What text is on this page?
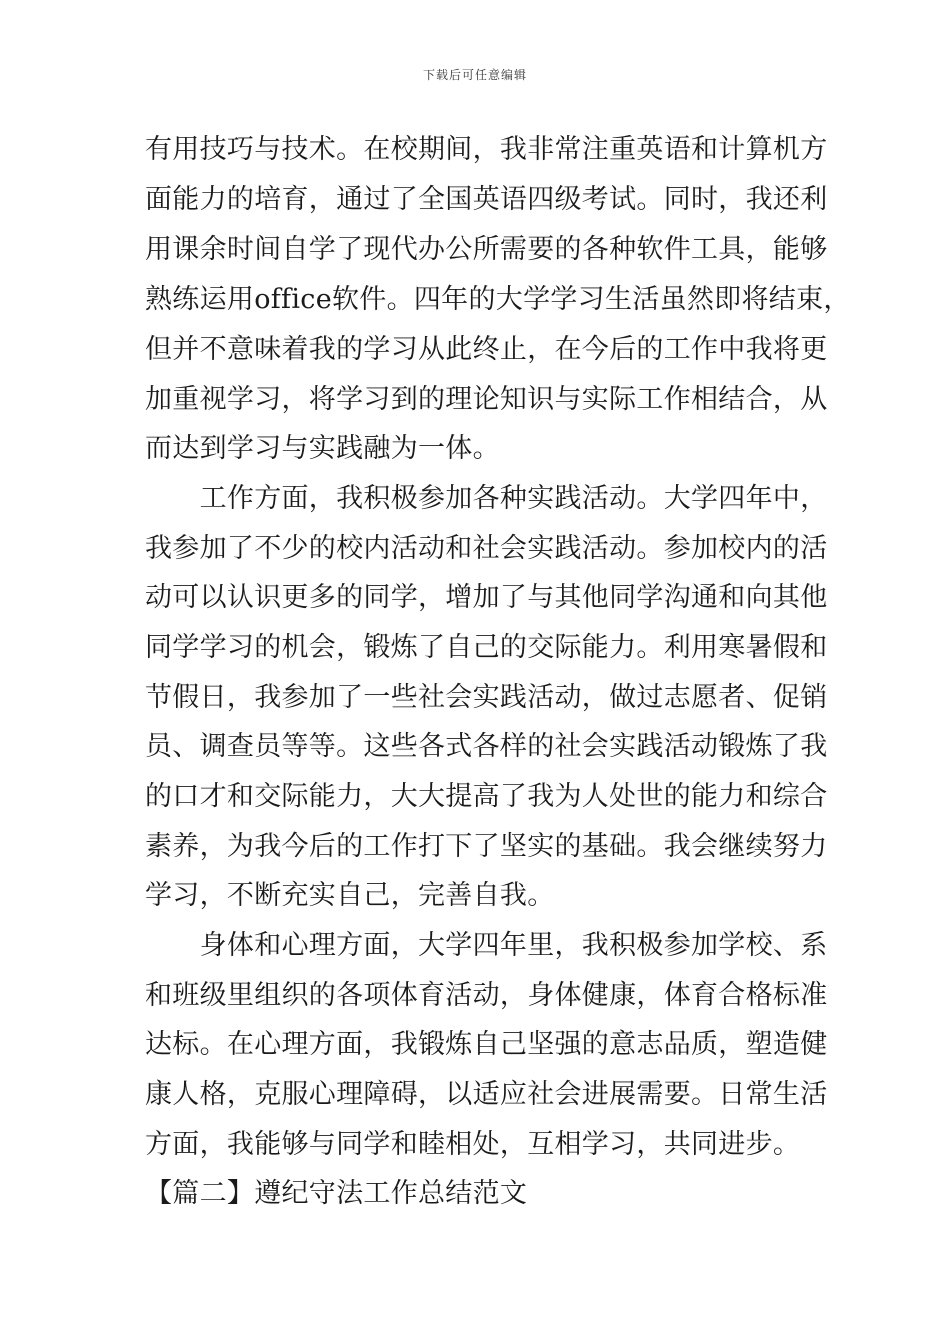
下载后可任意编辑
有用技巧与技术。在校期间，我非常注重英语和计算机方
面能力的培育，通过了全国英语四级考试。同时，我还利
用课余时间自学了现代办公所需要的各种软件工具，能够
熟练运用office软件。四年的大学学习生活虽然即将结束，
但并不意味着我的学习从此终止，在今后的工作中我将更
加重视学习，将学习到的理论知识与实际工作相结合，从
而达到学习与实践融为一体。
　　工作方面，我积极参加各种实践活动。大学四年中，
我参加了不少的校内活动和社会实践活动。参加校内的活
动可以认识更多的同学，增加了与其他同学沟通和向其他
同学学习的机会，锻炼了自己的交际能力。利用寒暑假和
节假日，我参加了一些社会实践活动，做过志愿者、促销
员、调查员等等。这些各式各样的社会实践活动锻炼了我
的口才和交际能力，大大提高了我为人处世的能力和综合
素养，为我今后的工作打下了坚实的基础。我会继续努力
学习，不断充实自己，完善自我。
　　身体和心理方面，大学四年里，我积极参加学校、系
和班级里组织的各项体育活动，身体健康，体育合格标准
达标。在心理方面，我锻炼自己坚强的意志品质，塑造健
康人格，克服心理障碍，以适应社会进展需要。日常生活
方面，我能够与同学和睦相处，互相学习，共同进步。
【篇二】遵纪守法工作总结范文
